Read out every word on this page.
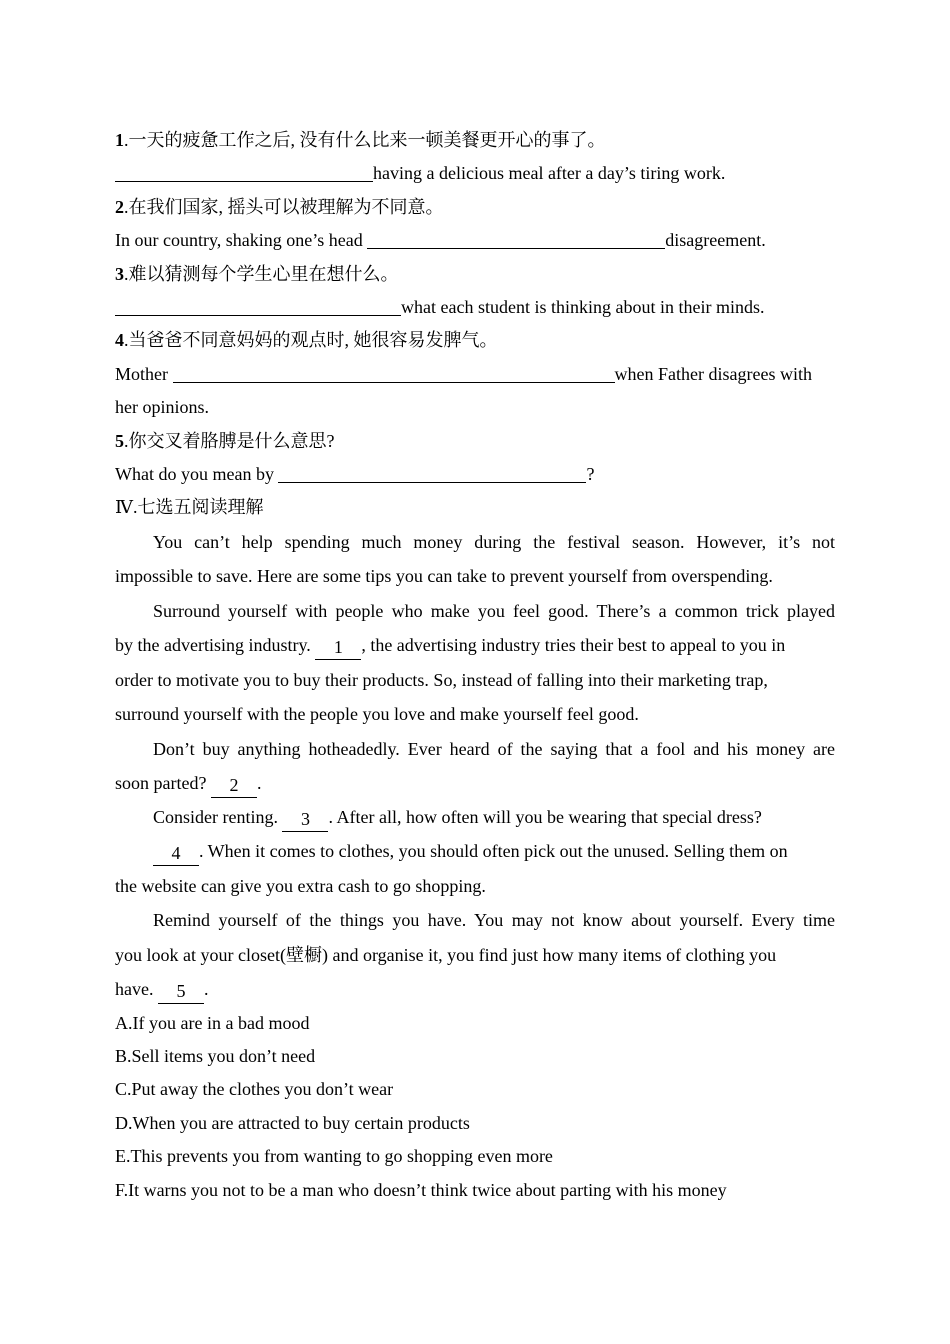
1.一天的疲惫工作之后, 没有什么比来一顿美餐更开心的事了。
having a delicious meal after a day’s tiring work.
2.在我们国家, 摇头可以被理解为不同意。
In our country, shaking one’s head	disagreement.
3.难以猜测每个学生心里在想什么。
what each student is thinking about in their minds.
4.当爸爸不同意妈妈的观点时, 她很容易发脾气。
Mother	when Father disagrees with
her opinions.
5.你交叉着胳膊是什么意思?
What do you mean by	?
Ⅳ.七选五阅读理解
You can’t help spending much money during the festival season. However, it’s not
impossible to save. Here are some tips you can take to prevent yourself from overspending.
Surround yourself with people who make you feel good. There’s a common trick played
by the advertising industry. 1 , the advertising industry tries their best to appeal to you in
order to motivate you to buy their products. So, instead of falling into their marketing trap,
surround yourself with the people you love and make yourself feel good.
Don’t buy anything hotheadedly. Ever heard of the saying that a fool and his money are
soon parted? 2 .
Consider renting. 3 . After all, how often will you be wearing that special dress?
4 . When it comes to clothes, you should often pick out the unused. Selling them on
the website can give you extra cash to go shopping.
Remind yourself of the things you have. You may not know about yourself. Every time
you look at your closet(壁橱) and organise it, you find just how many items of clothing you
have. 5 .
A.If you are in a bad mood
B.Sell items you don’t need
C.Put away the clothes you don’t wear
D.When you are attracted to buy certain products
E.This prevents you from wanting to go shopping even more
F.It warns you not to be a man who doesn’t think twice about parting with his money
